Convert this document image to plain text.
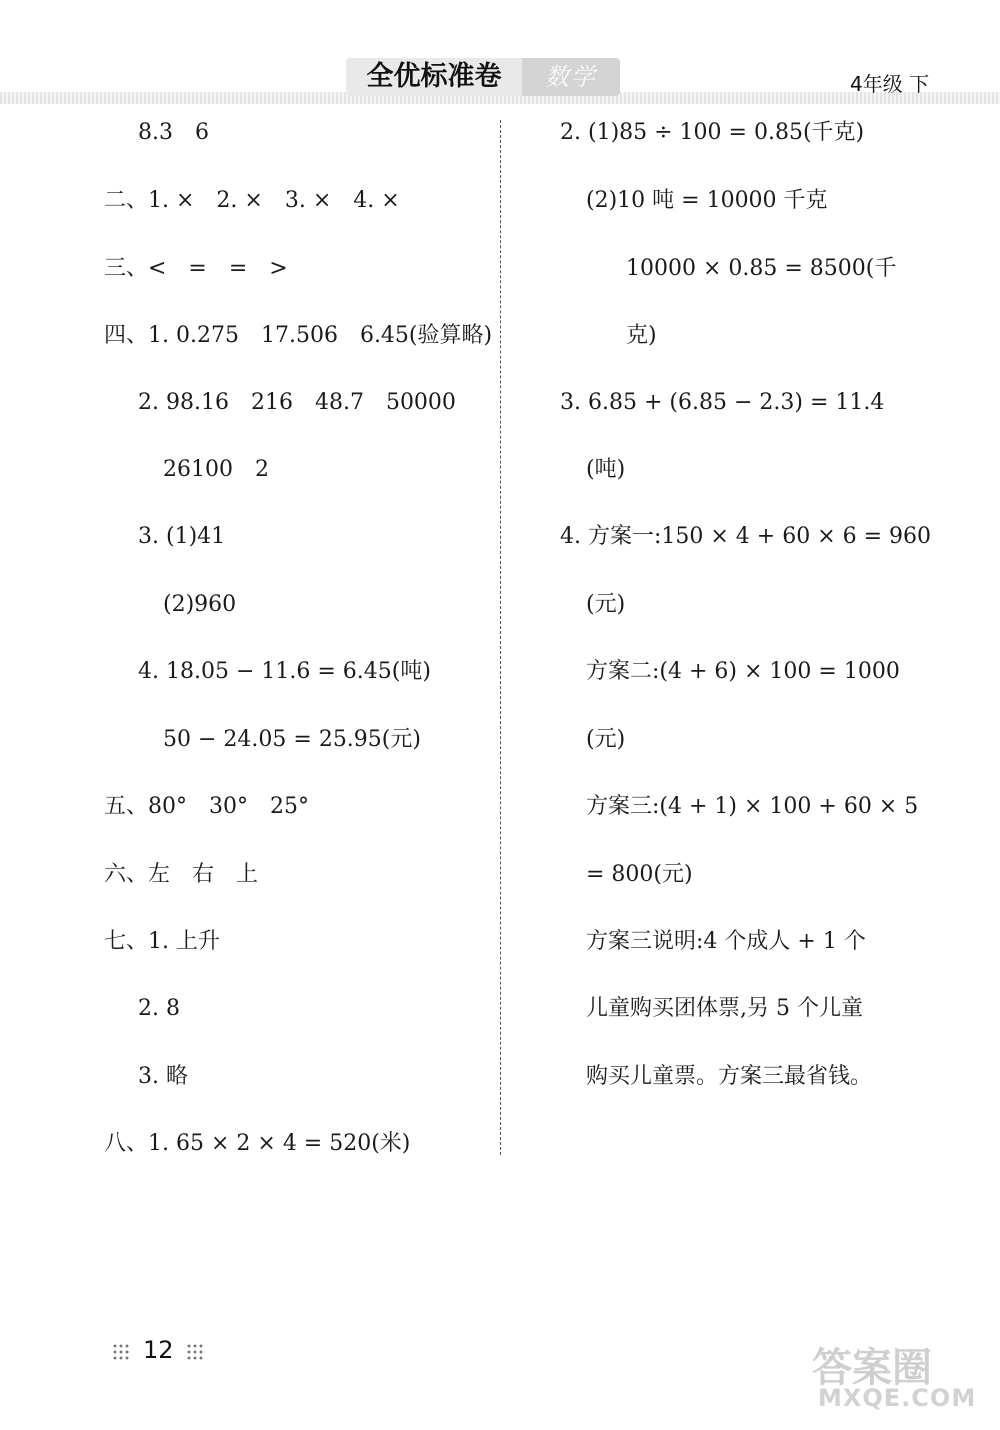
全优标准卷	数学	4年级 下
8.3　6
二、1. ×　2. ×　3. ×　4. ×
三、<　=　=　>
四、1. 0.275　17.506　6.45(验算略)
2. 98.16　216　48.7　50000
26100　2
3. (1)41
(2)960
4. 18.05 − 11.6 = 6.45(吨)
50 − 24.05 = 25.95(元)
五、80°　30°　25°
六、左　右　上
七、1. 上升
2. 8
3. 略
八、1. 65 × 2 × 4 = 520(米)
2. (1)85 ÷ 100 = 0.85(千克)
(2)10 吨 = 10000 千克
10000 × 0.85 = 8500(千
克)
3. 6.85 + (6.85 − 2.3) = 11.4
(吨)
4. 方案一:150 × 4 + 60 × 6 = 960
(元)
方案二:(4 + 6) × 100 = 1000
(元)
方案三:(4 + 1) × 100 + 60 × 5
= 800(元)
方案三说明:4 个成人 + 1 个
儿童购买团体票,另 5 个儿童
购买儿童票。方案三最省钱。
12	答案圈
MXQE.COM
